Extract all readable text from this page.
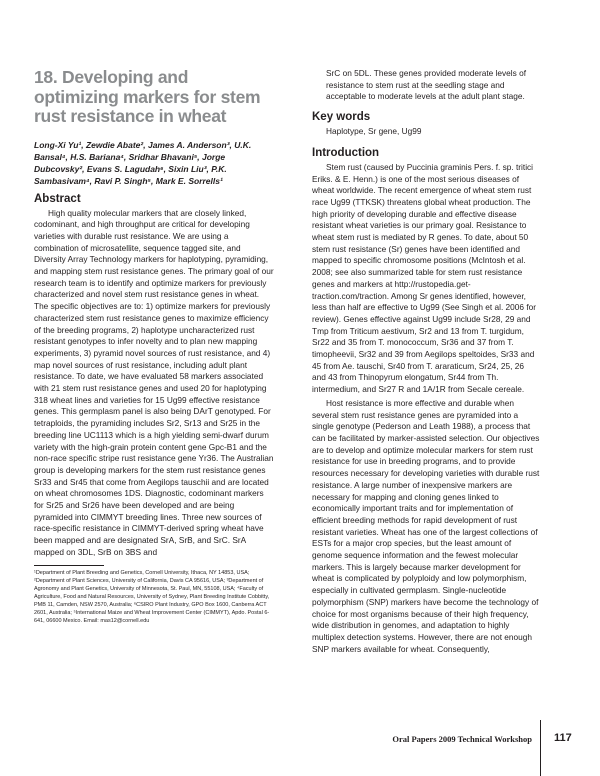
18. Developing and optimizing markers for stem rust resistance in wheat
Long-Xi Yu¹, Zewdie Abate², James A. Anderson³, U.K. Bansal⁴, H.S. Bariana⁴, Sridhar Bhavani⁵, Jorge Dubcovsky², Evans S. Lagudah⁶, Sixin Liu³, P.K. Sambasivam⁴, Ravi P. Singh⁵, Mark E. Sorrells¹
Abstract

High quality molecular markers that are closely linked, codominant, and high throughput are critical for developing varieties with durable rust resistance. We are using a combination of microsatellite, sequence tagged site, and Diversity Array Technology markers for haplotyping, pyramiding, and mapping stem rust resistance genes. The primary goal of our research team is to identify and optimize markers for previously characterized and novel stem rust resistance genes in wheat. The specific objectives are to: 1) optimize markers for previously characterized stem rust resistance genes to maximize efficiency of the breeding programs, 2) haplotype uncharacterized rust resistant genotypes to infer novelty and to plan new mapping experiments, 3) pyramid novel sources of rust resistance, and 4) map novel sources of rust resistance, including adult plant resistance. To date, we have evaluated 58 markers associated with 21 stem rust resistance genes and used 20 for haplotyping 318 wheat lines and varieties for 15 Ug99 effective resistance genes. This germplasm panel is also being DArT genotyped. For tetraploids, the pyramiding includes Sr2, Sr13 and Sr25 in the breeding line UC1113 which is a high yielding semi-dwarf durum variety with the high-grain protein content gene Gpc-B1 and the non-race specific stripe rust resistance gene Yr36. The Australian group is developing markers for the stem rust resistance genes Sr33 and Sr45 that come from Aegilops tauschii and are located on wheat chromosomes 1DS. Diagnostic, codominant markers for Sr25 and Sr26 have been developed and are being pyramided into CIMMYT breeding lines. Three new sources of race-specific resistance in CIMMYT-derived spring wheat have been mapped and are designated SrA, SrB, and SrC. SrA mapped on 3DL, SrB on 3BS and

¹Department of Plant Breeding and Genetics, Cornell University, Ithaca, NY 14853, USA; ²Department of Plant Sciences, University of California, Davis CA 95616, USA; ³Department of Agronomy and Plant Genetics, University of Minnesota, St. Paul, MN, 55108, USA; ⁴Faculty of Agriculture, Food and Natural Resources, University of Sydney, Plant Breeding Institute Cobbitty, PMB 11, Camden, NSW 2570, Australia; ⁶CSIRO Plant Industry, GPO Box 1600, Canberra ACT 2601, Australia; ⁵International Maize and Wheat Improvement Center (CIMMYT), Apdo. Postal 6-641, 06600 Mexico. Email: mas12@cornell.edu

SrC on 5DL. These genes provided moderate levels of resistance to stem rust at the seedling stage and acceptable to moderate levels at the adult plant stage.

Key words

Haplotype, Sr gene, Ug99

Introduction

Stem rust (caused by Puccinia graminis Pers. f. sp. tritici Eriks. & E. Henn.) is one of the most serious diseases of wheat worldwide. The recent emergence of wheat stem rust race Ug99 (TTKSK) threatens global wheat production. The high priority of developing durable and effective disease resistant wheat varieties is our primary goal. Resistance to wheat stem rust is mediated by R genes. To date, about 50 stem rust resistance (Sr) genes have been identified and mapped to specific chromosome positions (McIntosh et al. 2008; see also summarized table for stem rust resistance genes and markers at http://rustopedia.get-traction.com/traction. Among Sr genes identified, however, less than half are effective to Ug99 (See Singh et al. 2006 for review). Genes effective against Ug99 include Sr28, 29 and Tmp from Triticum aestivum, Sr2 and 13 from T. turgidum, Sr22 and 35 from T. monococcum, Sr36 and 37 from T. timopheevii, Sr32 and 39 from Aegilops speltoides, Sr33 and 45 from Ae. tauschi, Sr40 from T. araraticum, Sr24, 25, 26 and 43 from Thinopyrum elongatum, Sr44 from Th. intermedium, and Sr27 R and 1A/1R from Secale cereale.

Host resistance is more effective and durable when several stem rust resistance genes are pyramided into a single genotype (Pederson and Leath 1988), a process that can be facilitated by marker-assisted selection. Our objectives are to develop and optimize molecular markers for stem rust resistance for use in breeding programs, and to provide resources necessary for developing varieties with durable rust resistance. A large number of inexpensive markers are necessary for mapping and cloning genes linked to economically important traits and for implementation of efficient breeding methods for rapid development of rust resistant varieties. Wheat has one of the largest collections of ESTs for a major crop species, but the least amount of genome sequence information and the fewest molecular markers. This is largely because marker development for wheat is complicated by polyploidy and low polymorphism, especially in cultivated germplasm. Single-nucleotide polymorphism (SNP) markers have become the technology of choice for most organisms because of their high frequency, wide distribution in genomes, and adaptation to highly multiplex detection systems. However, there are not enough SNP markers available for wheat. Consequently,

Oral Papers 2009 Technical Workshop 117
